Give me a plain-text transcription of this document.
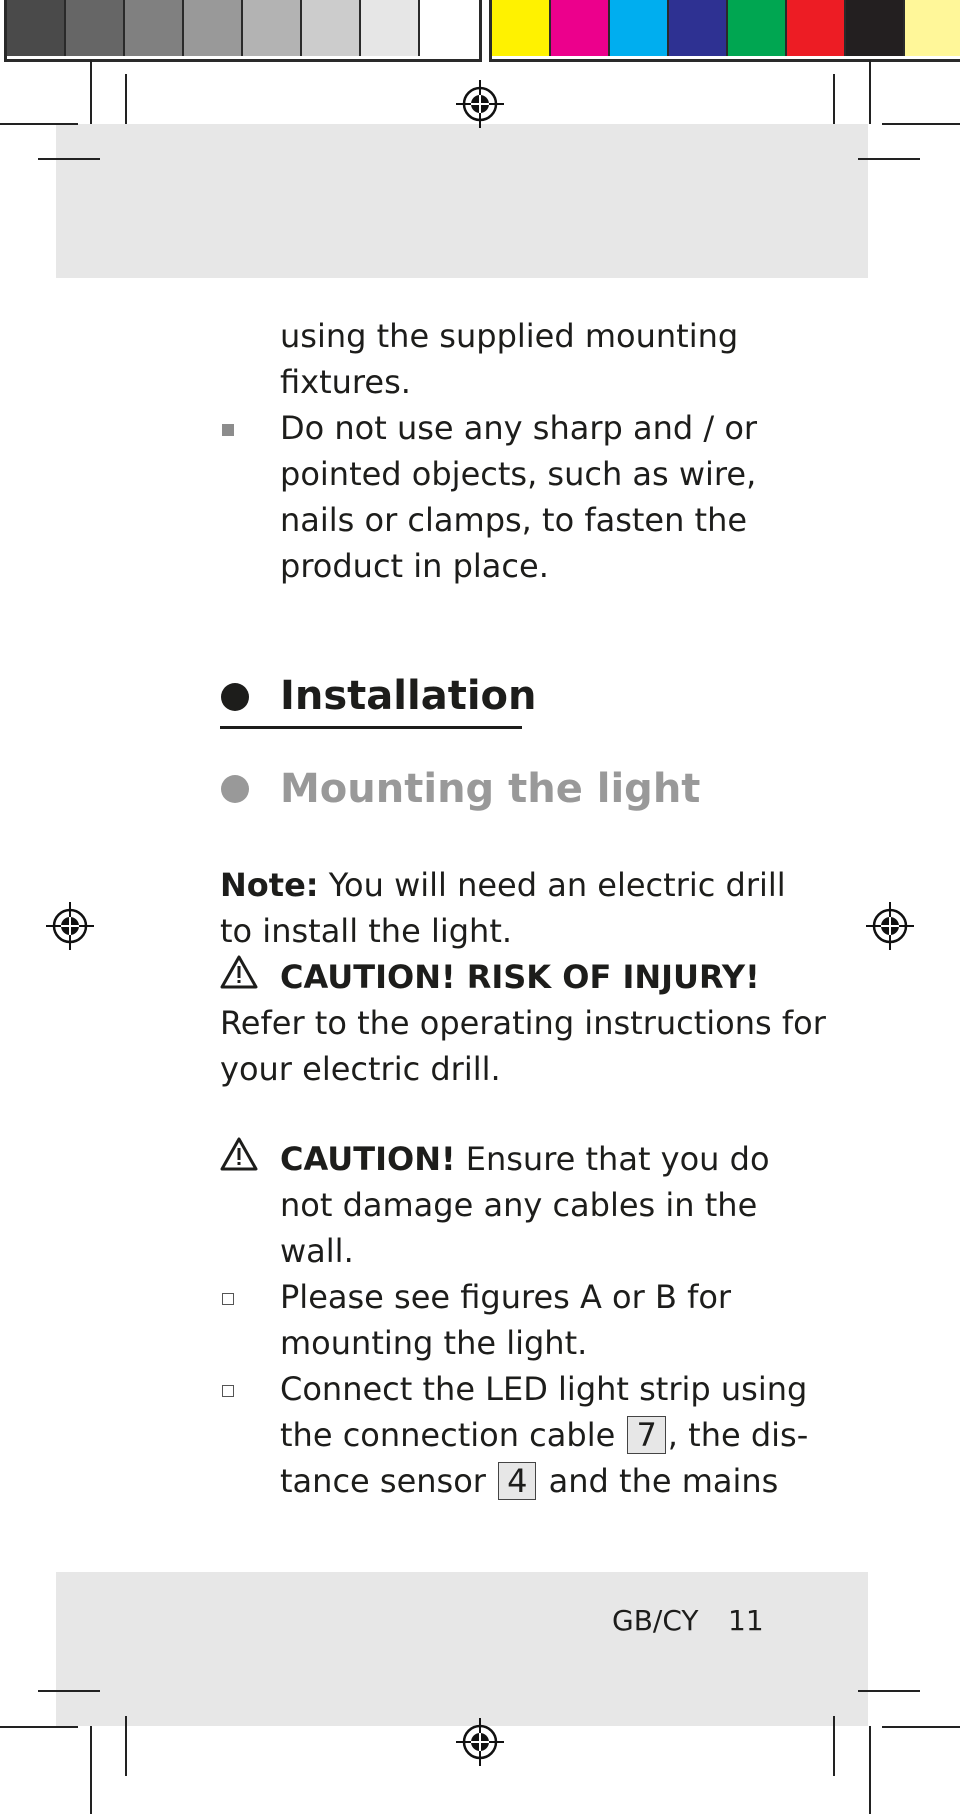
using the supplied mounting
fixtures.
Do not use any sharp and / or
pointed objects, such as wire,
nails or clamps, to fasten the
product in place.
Installation
Mounting the light
Note: You will need an electric drill
to install the light.
CAUTION! RISK OF INJURY!
Refer to the operating instructions for
your electric drill.
CAUTION! Ensure that you do
not damage any cables in the
wall.
Please see figures A or B for
mounting the light.
Connect the LED light strip using
the connection cable 7 , the dis-
tance sensor 4 and the mains
GB/CY 11
